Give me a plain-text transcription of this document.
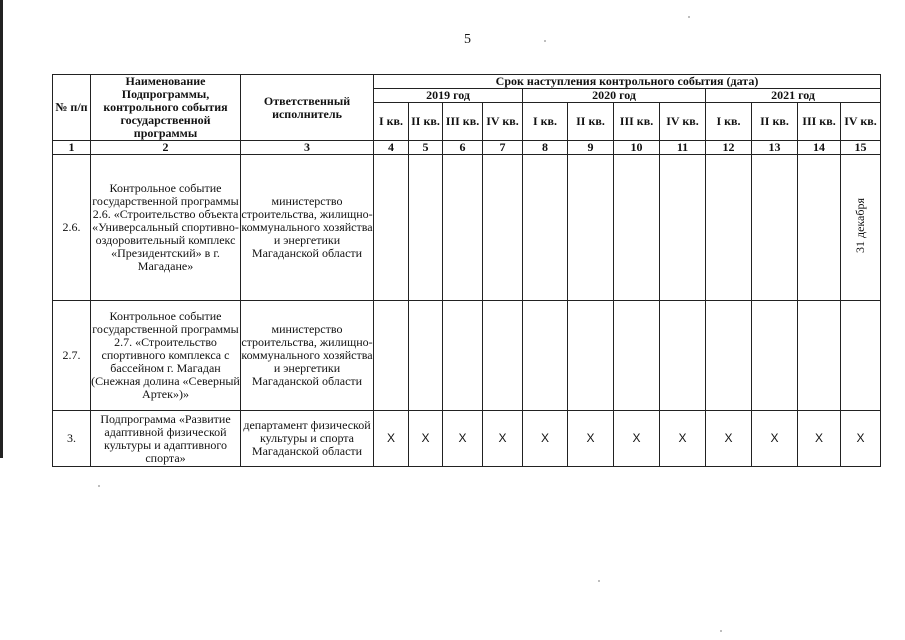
5
№ п/п	Наименование Подпрограммы, контрольного события государственной программы	Ответственный исполнитель	Срок наступления контрольного события (дата)											
			2019 год				2020 год				2021 год			
			I кв.	II кв.	III кв.	IV кв.	I кв.	II кв.	III кв.	IV кв.	I кв.	II кв.	III кв.	IV кв.
1	2	3	4	5	6	7	8	9	10	11	12	13	14	15
2.6.	Контрольное событие государственной программы 2.6. «Строительство объекта «Универсальный спортивно-оздоровительный комплекс «Президентский» в г. Магадане»	министерство строительства, жилищно-коммунального хозяйства и энергетики Магаданской области												31 декабря
2.7.	Контрольное событие государственной программы 2.7. «Строительство спортивного комплекса с бассейном г. Магадан (Снежная долина «Северный Артек»)»	министерство строительства, жилищно-коммунального хозяйства и энергетики Магаданской области												
3.	Подпрограмма «Развитие адаптивной физической культуры и адаптивного спорта»	департамент физической культуры и спорта Магаданской области	Х	Х	Х	Х	Х	Х	Х	Х	Х	Х	Х	Х
